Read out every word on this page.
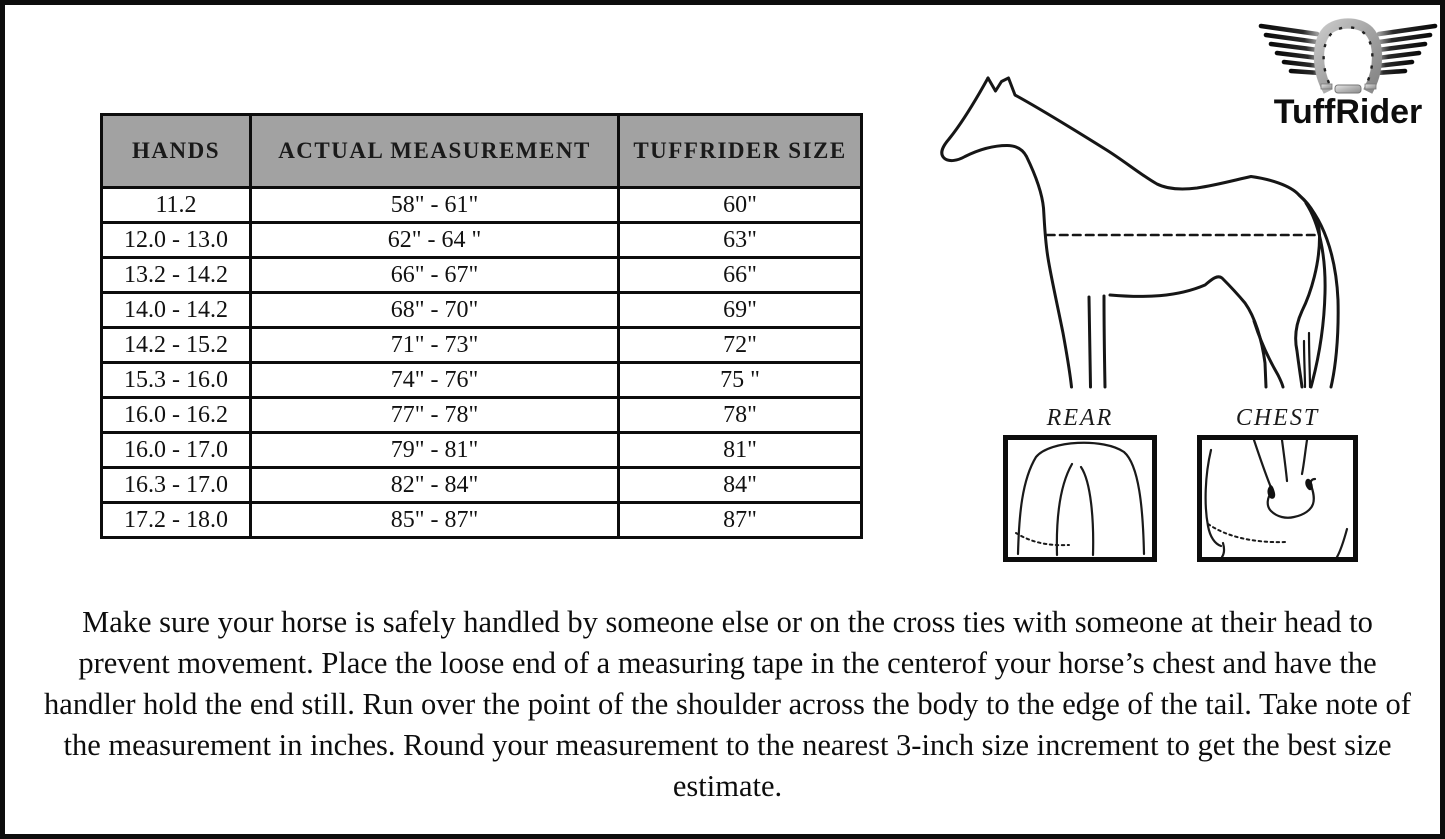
HANDS	ACTUAL MEASUREMENT	TUFFRIDER SIZE
11.2	58" - 61"	60"
12.0 - 13.0	62" - 64 "	63"
13.2 - 14.2	66" - 67"	66"
14.0 - 14.2	68" - 70"	69"
14.2 - 15.2	71" - 73"	72"
15.3 - 16.0	74" - 76"	75 "
16.0 - 16.2	77" - 78"	78"
16.0 - 17.0	79" - 81"	81"
16.3 - 17.0	82" - 84"	84"
17.2 - 18.0	85" - 87"	87"
TuffRider
REAR	CHEST
Make sure your horse is safely handled by someone else or on the cross ties with someone at their head to prevent movement. Place the loose end of a measuring tape in the centerof your horse’s chest and have the handler hold the end still. Run over the point of the shoulder across the body to the edge of the tail. Take note of the measurement in inches. Round your measurement to the nearest 3-inch size increment to get the best size estimate.
